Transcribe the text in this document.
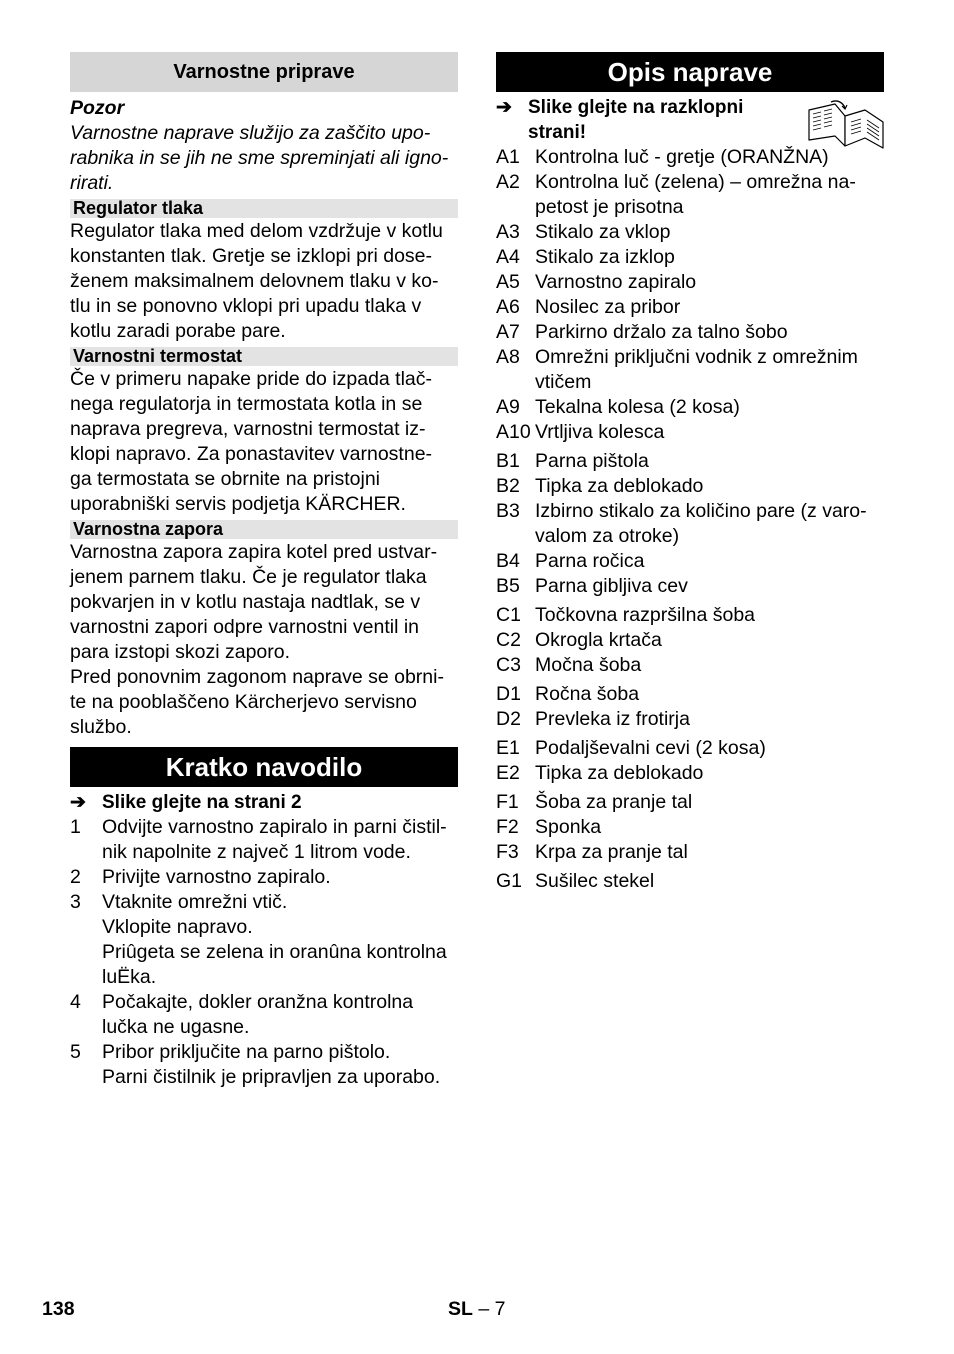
Varnostne priprave

Pozor

Varnostne naprave služijo za zaščito upo-

rabnika in se jih ne sme spreminjati ali igno-

rirati.

Regulator tlaka

Regulator tlaka med delom vzdržuje v kotlu

konstanten tlak. Gretje se izklopi pri dose-

ženem maksimalnem delovnem tlaku v ko-

tlu in se ponovno vklopi pri upadu tlaka v

kotlu zaradi porabe pare.

Varnostni termostat

Če v primeru napake pride do izpada tlač-

nega regulatorja in termostata kotla in se

naprava pregreva, varnostni termostat iz-

klopi napravo. Za ponastavitev varnostne-

ga termostata se obrnite na pristojni

uporabniški servis podjetja KÄRCHER.

Varnostna zapora

Varnostna zapora zapira kotel pred ustvar-

jenem parnem tlaku. Če je regulator tlaka

pokvarjen in v kotlu nastaja nadtlak, se v

varnostni zapori odpre varnostni ventil in

para izstopi skozi zaporo.

Pred ponovnim zagonom naprave se obrni-

te na pooblaščeno Kärcherjevo servisno

službo.

Kratko navodilo
➔ Slike glejte na strani 2
1 Odvijte varnostno zapiralo in parni čistil-
nik napolnite z največ 1 litrom vode.
2 Privijte varnostno zapiralo.
3 Vtaknite omrežni vtič.
Vklopite napravo.
Priûgeta se zelena in oranûna kontrolna
luËka.
4 Počakajte, dokler oranžna kontrolna
lučka ne ugasne.
5 Pribor priključite na parno pištolo.
Parni čistilnik je pripravljen za uporabo.
Opis naprave
➔ Slike glejte na razklopni
strani!
A1 Kontrolna luč - gretje (ORANŽNA)
A2 Kontrolna luč (zelena) – omrežna na-
petost je prisotna
A3 Stikalo za vklop
A4 Stikalo za izklop
A5 Varnostno zapiralo
A6 Nosilec za pribor
A7 Parkirno držalo za talno šobo
A8 Omrežni priključni vodnik z omrežnim
vtičem
A9 Tekalna kolesa (2 kosa)
A10 Vrtljiva kolesca
B1 Parna pištola
B2 Tipka za deblokado
B3 Izbirno stikalo za količino pare (z varo-
valom za otroke)
B4 Parna ročica
B5 Parna gibljiva cev
C1 Točkovna razpršilna šoba
C2 Okrogla krtača
C3 Močna šoba
D1 Ročna šoba
D2 Prevleka iz frotirja
E1 Podaljševalni cevi (2 kosa)
E2 Tipka za deblokado
F1 Šoba za pranje tal
F2 Sponka
F3 Krpa za pranje tal
G1 Sušilec stekel
138	SL – 7
